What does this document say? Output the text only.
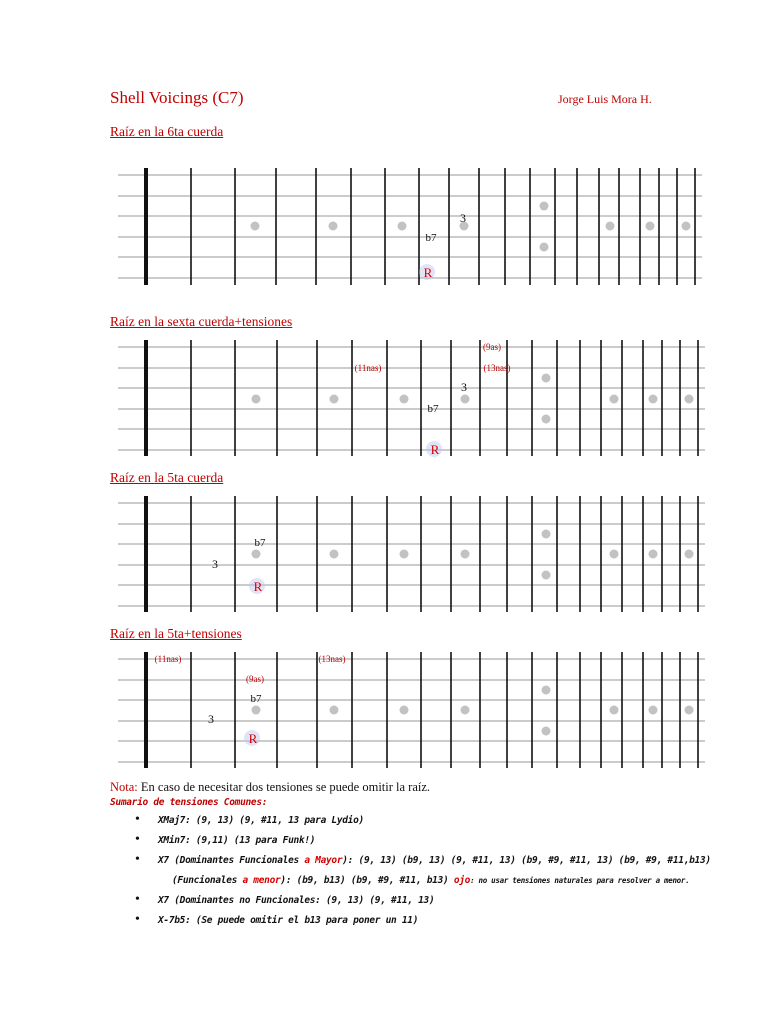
Shell Voicings (C7)	Jorge Luis Mora H.
Raíz en la 6ta cuerda
Raíz en la sexta cuerda+tensiones
Raíz en la 5ta cuerda
Raíz en la 5ta+tensiones
3
b7
R
(9as)
(11nas)	(13nas)
3
b7
R
b7
3
R
(11nas)	(13nas)
(9as)
b7
3
R
Nota: En caso de necesitar dos tensiones se puede omitir la raíz.
Sumario de tensiones Comunes:
• XMaj7: (9, 13) (9, #11, 13 para Lydio)
• XMin7: (9,11) (13 para Funk!)
• X7 (Dominantes Funcionales a Mayor): (9, 13) (b9, 13) (9, #11, 13) (b9, #9, #11, 13) (b9, #9, #11,b13)
(Funcionales a menor): (b9, b13) (b9, #9, #11, b13) ojo: no usar tensiones naturales para resolver a menor.
• X7 (Dominantes no Funcionales: (9, 13) (9, #11, 13)
• X-7b5: (Se puede omitir el b13 para poner un 11)
